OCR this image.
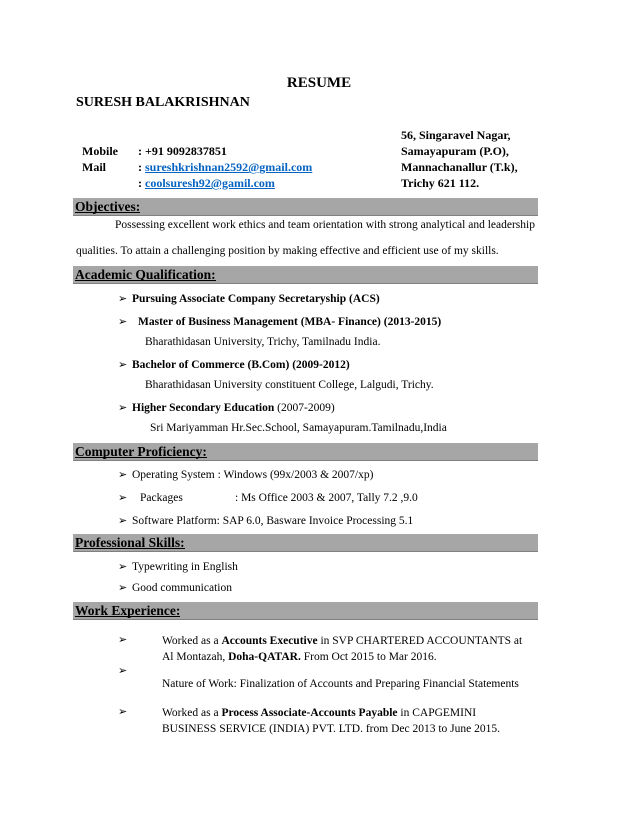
RESUME
SURESH BALAKRISHNAN
Mobile	: +91 9092837851
Mail	: sureshkrishnan2592@gmail.com
: coolsuresh92@gamil.com
56, Singaravel Nagar,
Samayapuram (P.O),
Mannachanallur (T.k),
Trichy 621 112.
Objectives:
Possessing excellent work ethics and team orientation with strong analytical and leadership
qualities. To attain a challenging position by making effective and efficient use of my skills.
Academic Qualification:
➢ Pursuing Associate Company Secretaryship (ACS)
➢ Master of Business Management (MBA- Finance)
(2013-2015)
Bharathidasan University, Trichy, Tamilnadu India.
➢ Bachelor of Commerce (B.Com)
(2009-2012)
Bharathidasan University constituent College, Lalgudi, Trichy.
➢ Higher Secondary Education
(2007-2009)
Sri Mariyamman Hr.Sec.School, Samayapuram.Tamilnadu,India
Computer Proficiency:
➢ Operating System : Windows (99x/2003 & 2007/xp)
➢	Packages	: Ms Office 2003 & 2007, Tally 7.2 ,9.0
➢ Software Platform: SAP 6.0, Basware Invoice Processing 5.1
Professional Skills:
➢ Typewriting in English
➢ Good communication
Work Experience:
➢	Worked as a Accounts Executive in SVP CHARTERED ACCOUNTANTS at
Al Montazah, Doha-QATAR. From Oct 2015 to Mar 2016.
➢
Nature of Work: Finalization of Accounts and Preparing Financial Statements
➢	Worked as a Process Associate-Accounts Payable in CAPGEMINI
BUSINESS SERVICE (INDIA) PVT. LTD. from Dec 2013 to June 2015.
